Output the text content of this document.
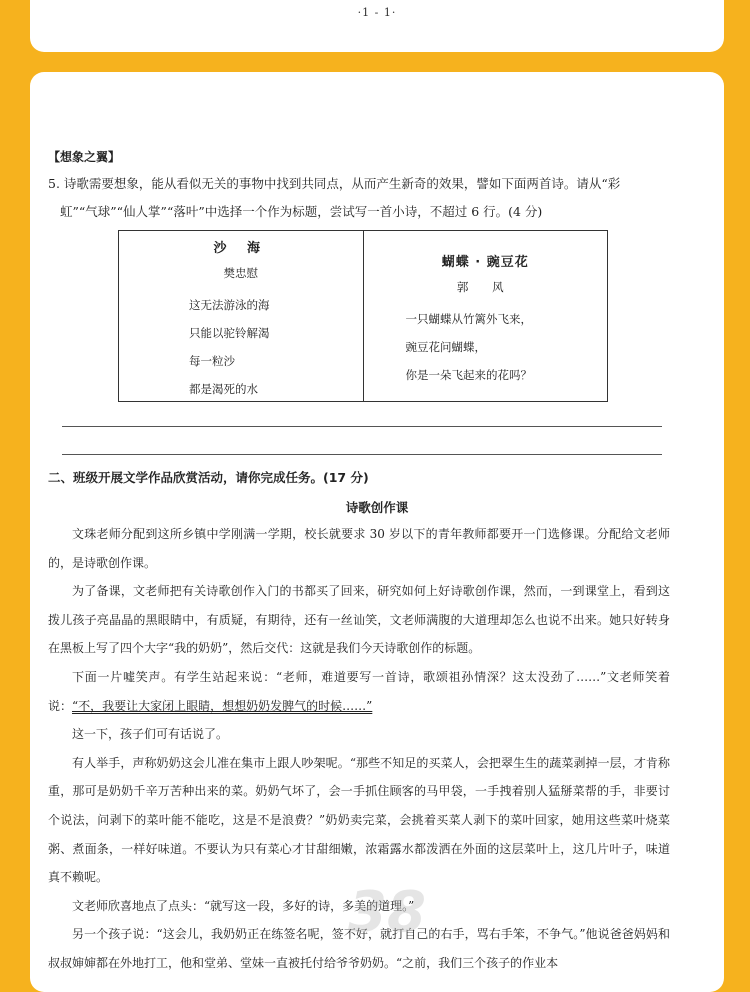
·1 - 1·
【想象之翼】
5. 诗歌需要想象，能从看似无关的事物中找到共同点，从而产生新奇的效果，譬如下面两首诗。请从“彩
虹”“气球”“仙人掌”“落叶”中选择一个作为标题，尝试写一首小诗，不超过 6 行。(4 分)
沙 海
樊忠慰
这无法游泳的海
只能以驼铃解渴
每一粒沙
都是渴死的水
蝴蝶 · 豌豆花
郭 风
一只蝴蝶从竹篱外飞来，
豌豆花问蝴蝶，
你是一朵飞起来的花吗？
二、班级开展文学作品欣赏活动，请你完成任务。(17 分)
诗歌创作课

文珠老师分配到这所乡镇中学刚满一学期，校长就要求 30 岁以下的青年教师都要开一门选修课。分配给文老师的，是诗歌创作课。

为了备课，文老师把有关诗歌创作入门的书都买了回来，研究如何上好诗歌创作课，然而，一到课堂上，看到这拨儿孩子亮晶晶的黑眼睛中，有质疑，有期待，还有一丝讪笑，文老师满腹的大道理却怎么也说不出来。她只好转身在黑板上写了四个大字“我的奶奶”，然后交代：这就是我们今天诗歌创作的标题。

下面一片嘘笑声。有学生站起来说：“老师，难道要写一首诗，歌颂祖孙情深？这太没劲了……”文老师笑着说：“不，我要让大家闭上眼睛，想想奶奶发脾气的时候……”

这一下，孩子们可有话说了。

有人举手，声称奶奶这会儿准在集市上跟人吵架呢。“那些不知足的买菜人，会把翠生生的蔬菜剥掉一层，才肯称重，那可是奶奶千辛万苦种出来的菜。奶奶气坏了，会一手抓住顾客的马甲袋，一手拽着别人猛掰菜帮的手，非要讨个说法，问剥下的菜叶能不能吃，这是不是浪费？”奶奶卖完菜，会挑着买菜人剥下的菜叶回家，她用这些菜叶烧菜粥、煮面条，一样好味道。不要认为只有菜心才甘甜细嫩，浓霜露水都泼洒在外面的这层菜叶上，这几片叶子，味道真不赖呢。

文老师欣喜地点了点头：“就写这一段，多好的诗，多美的道理。”

另一个孩子说：“这会儿，我奶奶正在练签名呢，签不好，就打自己的右手，骂右手笨，不争气。”他说爸爸妈妈和叔叔婶婶都在外地打工，他和堂弟、堂妹一直被托付给爷爷奶奶。“之前，我们三个孩子的作业本

38
